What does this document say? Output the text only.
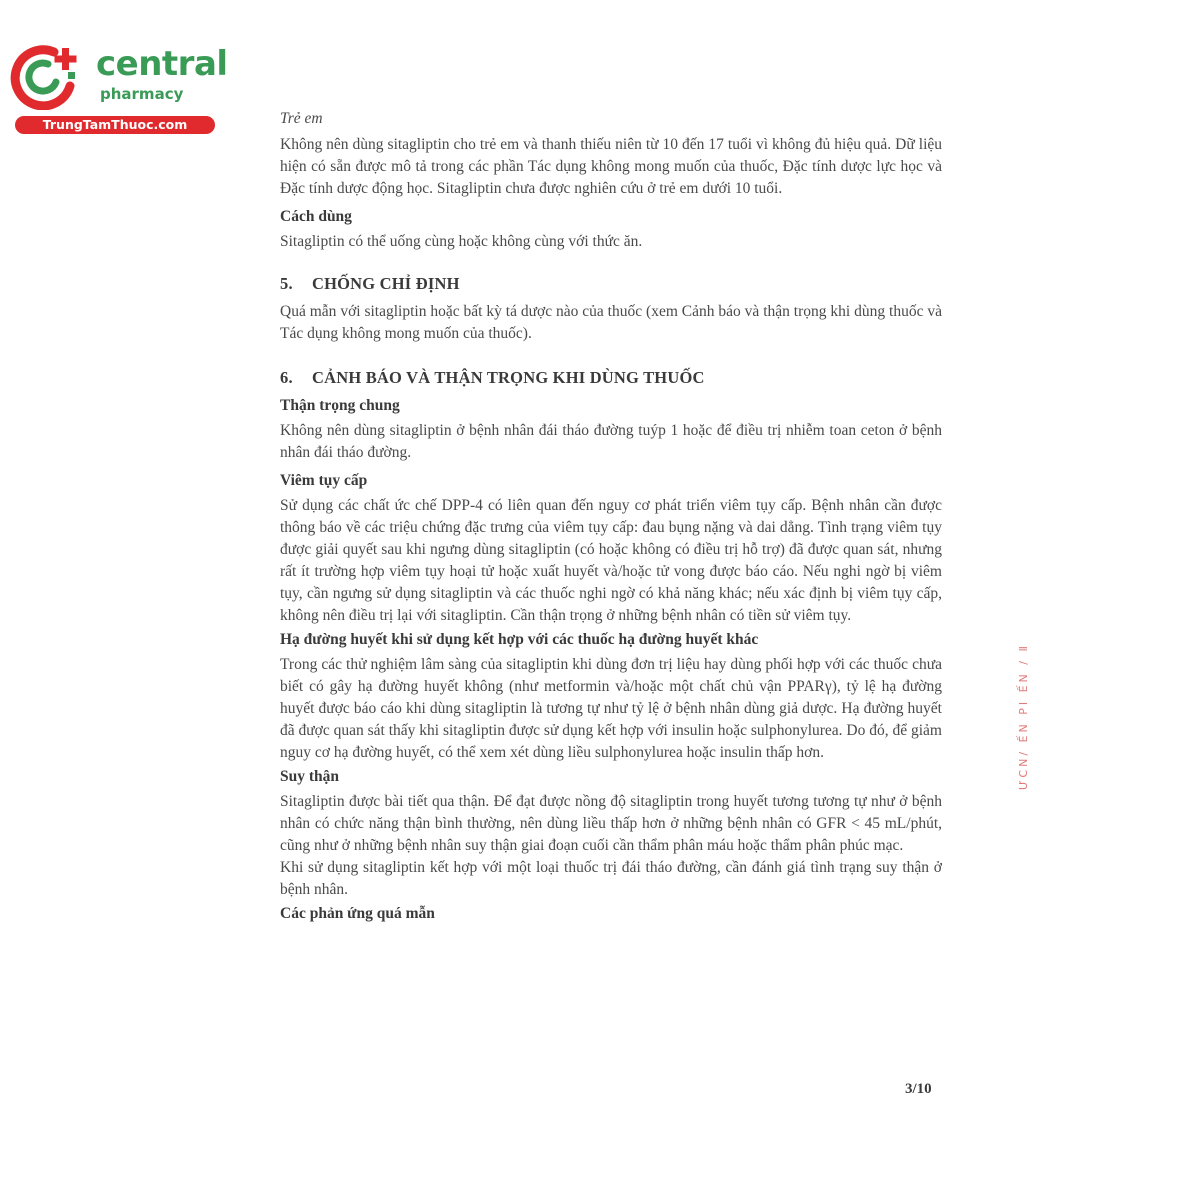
central
pharmacy
TrungTamThuoc.com	Trẻ em

Không nên dùng sitagliptin cho trẻ em và thanh thiếu niên từ 10 đến 17 tuổi vì không đủ hiệu quả. Dữ liệu hiện có sẵn được mô tả trong các phần Tác dụng không mong muốn của thuốc, Đặc tính dược lực học và Đặc tính dược động học. Sitagliptin chưa được nghiên cứu ở trẻ em dưới 10 tuổi.

Cách dùng

Sitagliptin có thể uống cùng hoặc không cùng với thức ăn.

5. CHỐNG CHỈ ĐỊNH

Quá mẫn với sitagliptin hoặc bất kỳ tá dược nào của thuốc (xem Cảnh báo và thận trọng khi dùng thuốc và Tác dụng không mong muốn của thuốc).

6. CẢNH BÁO VÀ THẬN TRỌNG KHI DÙNG THUỐC

Thận trọng chung

Không nên dùng sitagliptin ở bệnh nhân đái tháo đường tuýp 1 hoặc để điều trị nhiễm toan ceton ở bệnh nhân đái tháo đường.

Viêm tụy cấp

Sử dụng các chất ức chế DPP-4 có liên quan đến nguy cơ phát triển viêm tụy cấp. Bệnh nhân cần được thông báo về các triệu chứng đặc trưng của viêm tụy cấp: đau bụng nặng và dai dẳng. Tình trạng viêm tụy được giải quyết sau khi ngưng dùng sitagliptin (có hoặc không có điều trị hỗ trợ) đã được quan sát, nhưng rất ít trường hợp viêm tụy hoại tử hoặc xuất huyết và/hoặc tử vong được báo cáo. Nếu nghi ngờ bị viêm tụy, cần ngưng sử dụng sitagliptin và các thuốc nghi ngờ có khả năng khác; nếu xác định bị viêm tụy cấp, không nên điều trị lại với sitagliptin. Cần thận trọng ở những bệnh nhân có tiền sử viêm tụy.

Hạ đường huyết khi sử dụng kết hợp với các thuốc hạ đường huyết khác

Trong các thử nghiệm lâm sàng của sitagliptin khi dùng đơn trị liệu hay dùng phối hợp với các thuốc chưa biết có gây hạ đường huyết không (như metformin và/hoặc một chất chủ vận PPARγ), tỷ lệ hạ đường huyết được báo cáo khi dùng sitagliptin là tương tự như tỷ lệ ở bệnh nhân dùng giả dược. Hạ đường huyết đã được quan sát thấy khi sitagliptin được sử dụng kết hợp với insulin hoặc sulphonylurea. Do đó, để giảm nguy cơ hạ đường huyết, có thể xem xét dùng liều sulphonylurea hoặc insulin thấp hơn.

Suy thận

Sitagliptin được bài tiết qua thận. Để đạt được nồng độ sitagliptin trong huyết tương tương tự như ở bệnh nhân có chức năng thận bình thường, nên dùng liều thấp hơn ở những bệnh nhân có GFR < 45 mL/phút, cũng như ở những bệnh nhân suy thận giai đoạn cuối cần thẩm phân máu hoặc thẩm phân phúc mạc.

Khi sử dụng sitagliptin kết hợp với một loại thuốc trị đái tháo đường, cần đánh giá tình trạng suy thận ở bệnh nhân.

Các phản ứng quá mẫn

ƯCN/ ẾN PI ẾN / Ⅱ
3/10
